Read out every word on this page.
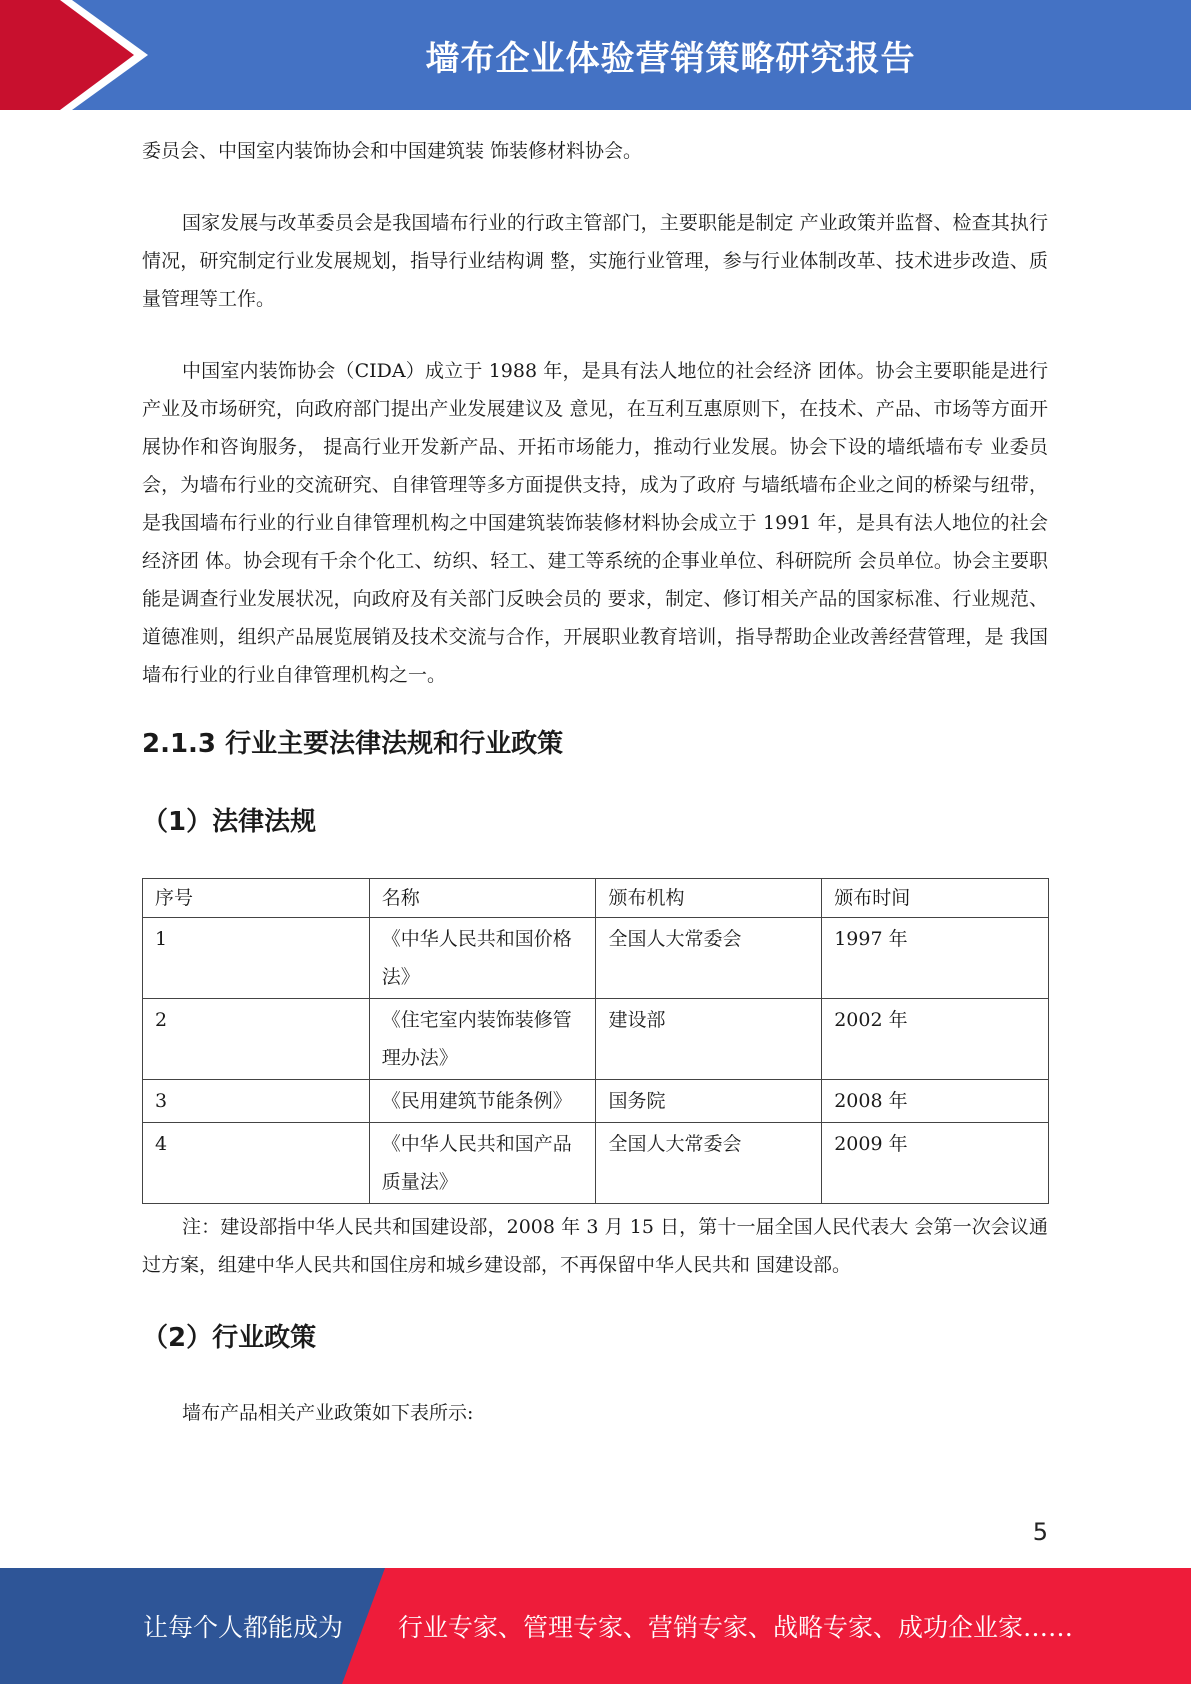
墙布企业体验营销策略研究报告

委员会、中国室内装饰协会和中国建筑装 饰装修材料协会。

国家发展与改革委员会是我国墙布行业的行政主管部门，主要职能是制定 产业政策并监督、检查其执行情况，研究制定行业发展规划，指导行业结构调 整，实施行业管理，参与行业体制改革、技术进步改造、质量管理等工作。

中国室内装饰协会（CIDA）成立于 1988 年，是具有法人地位的社会经济 团体。协会主要职能是进行产业及市场研究，向政府部门提出产业发展建议及 意见，在互利互惠原则下，在技术、产品、市场等方面开展协作和咨询服务， 提高行业开发新产品、开拓市场能力，推动行业发展。协会下设的墙纸墙布专 业委员会，为墙布行业的交流研究、自律管理等多方面提供支持，成为了政府 与墙纸墙布企业之间的桥梁与纽带，是我国墙布行业的行业自律管理机构之中国建筑装饰装修材料协会成立于 1991 年，是具有法人地位的社会经济团 体。协会现有千余个化工、纺织、轻工、建工等系统的企事业单位、科研院所 会员单位。协会主要职能是调查行业发展状况，向政府及有关部门反映会员的 要求，制定、修订相关产品的国家标准、行业规范、道德准则，组织产品展览展销及技术交流与合作，开展职业教育培训，指导帮助企业改善经营管理，是 我国墙布行业的行业自律管理机构之一。

2.1.3 行业主要法律法规和行业政策
（1）法律法规
序号	名称	颁布机构	颁布时间
1	《中华人民共和国价格法》	全国人大常委会	1997 年
2	《住宅室内装饰装修管理办法》	建设部	2002 年
3	《民用建筑节能条例》	国务院	2008 年
4	《中华人民共和国产品质量法》	全国人大常委会	2009 年

注：建设部指中华人民共和国建设部，2008 年 3 月 15 日，第十一届全国人民代表大 会第一次会议通过方案，组建中华人民共和国住房和城乡建设部，不再保留中华人民共和 国建设部。

（2）行业政策

墙布产品相关产业政策如下表所示:

5
让每个人都能成为 行业专家、管理专家、营销专家、战略专家、成功企业家……
